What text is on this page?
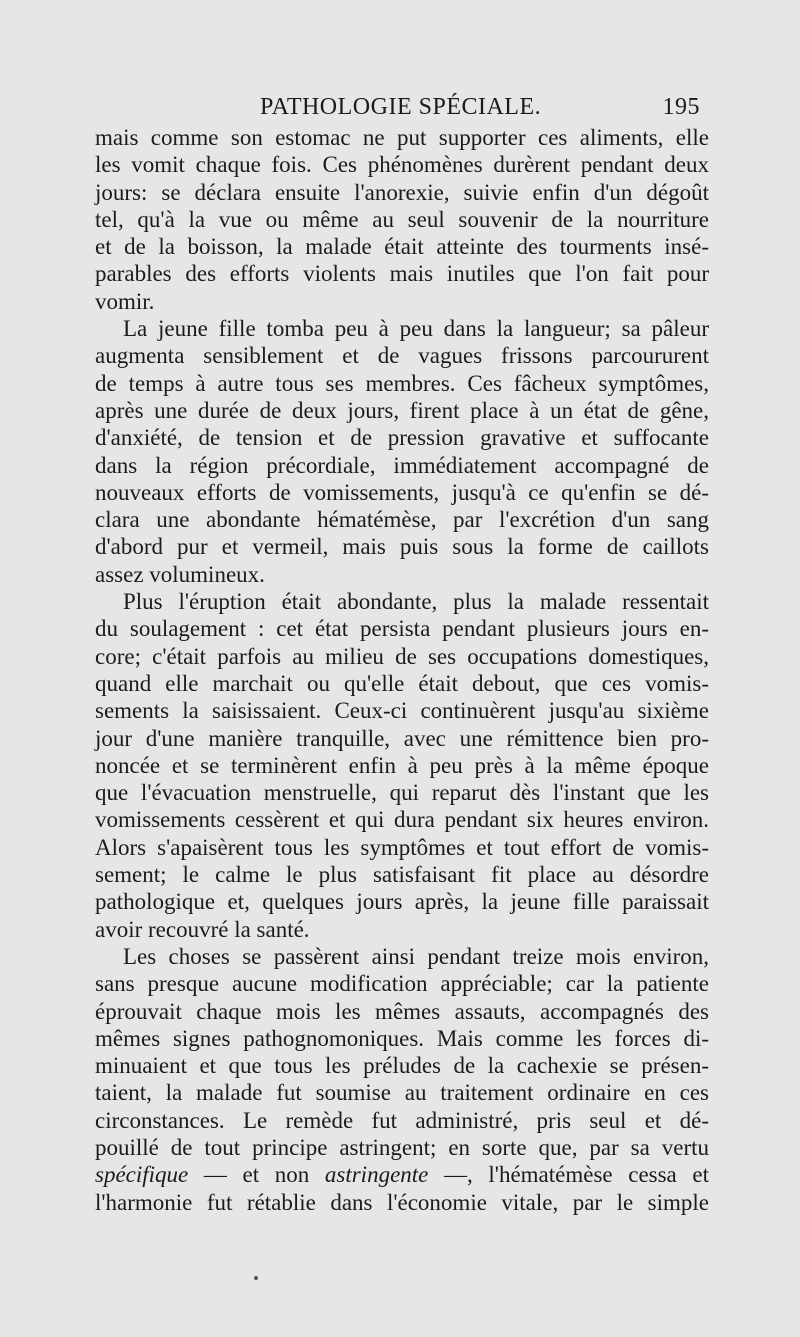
PATHOLOGIE SPÉCIALE.	195
mais comme son estomac ne put supporter ces aliments, elle
les vomit chaque fois. Ces phénomènes durèrent pendant deux
jours: se déclara ensuite l'anorexie, suivie enfin d'un dégoût
tel, qu'à la vue ou même au seul souvenir de la nourriture
et de la boisson, la malade était atteinte des tourments insé-
parables des efforts violents mais inutiles que l'on fait pour
vomir.
La jeune fille tomba peu à peu dans la langueur; sa pâleur
augmenta sensiblement et de vagues frissons parcoururent
de temps à autre tous ses membres. Ces fâcheux symptômes,
après une durée de deux jours, firent place à un état de gêne,
d'anxiété, de tension et de pression gravative et suffocante
dans la région précordiale, immédiatement accompagné de
nouveaux efforts de vomissements, jusqu'à ce qu'enfin se dé-
clara une abondante hématémèse, par l'excrétion d'un sang
d'abord pur et vermeil, mais puis sous la forme de caillots
assez volumineux.
Plus l'éruption était abondante, plus la malade ressentait
du soulagement : cet état persista pendant plusieurs jours en-
core; c'était parfois au milieu de ses occupations domestiques,
quand elle marchait ou qu'elle était debout, que ces vomis-
sements la saisissaient. Ceux-ci continuèrent jusqu'au sixième
jour d'une manière tranquille, avec une rémittence bien pro-
noncée et se terminèrent enfin à peu près à la même époque
que l'évacuation menstruelle, qui reparut dès l'instant que les
vomissements cessèrent et qui dura pendant six heures environ.
Alors s'apaisèrent tous les symptômes et tout effort de vomis-
sement; le calme le plus satisfaisant fit place au désordre
pathologique et, quelques jours après, la jeune fille paraissait
avoir recouvré la santé.
Les choses se passèrent ainsi pendant treize mois environ,
sans presque aucune modification appréciable; car la patiente
éprouvait chaque mois les mêmes assauts, accompagnés des
mêmes signes pathognomoniques. Mais comme les forces di-
minuaient et que tous les préludes de la cachexie se présen-
taient, la malade fut soumise au traitement ordinaire en ces
circonstances. Le remède fut administré, pris seul et dé-
pouillé de tout principe astringent; en sorte que, par sa vertu
spécifique — et non astringente —, l'hématémèse cessa et
l'harmonie fut rétablie dans l'économie vitale, par le simple
